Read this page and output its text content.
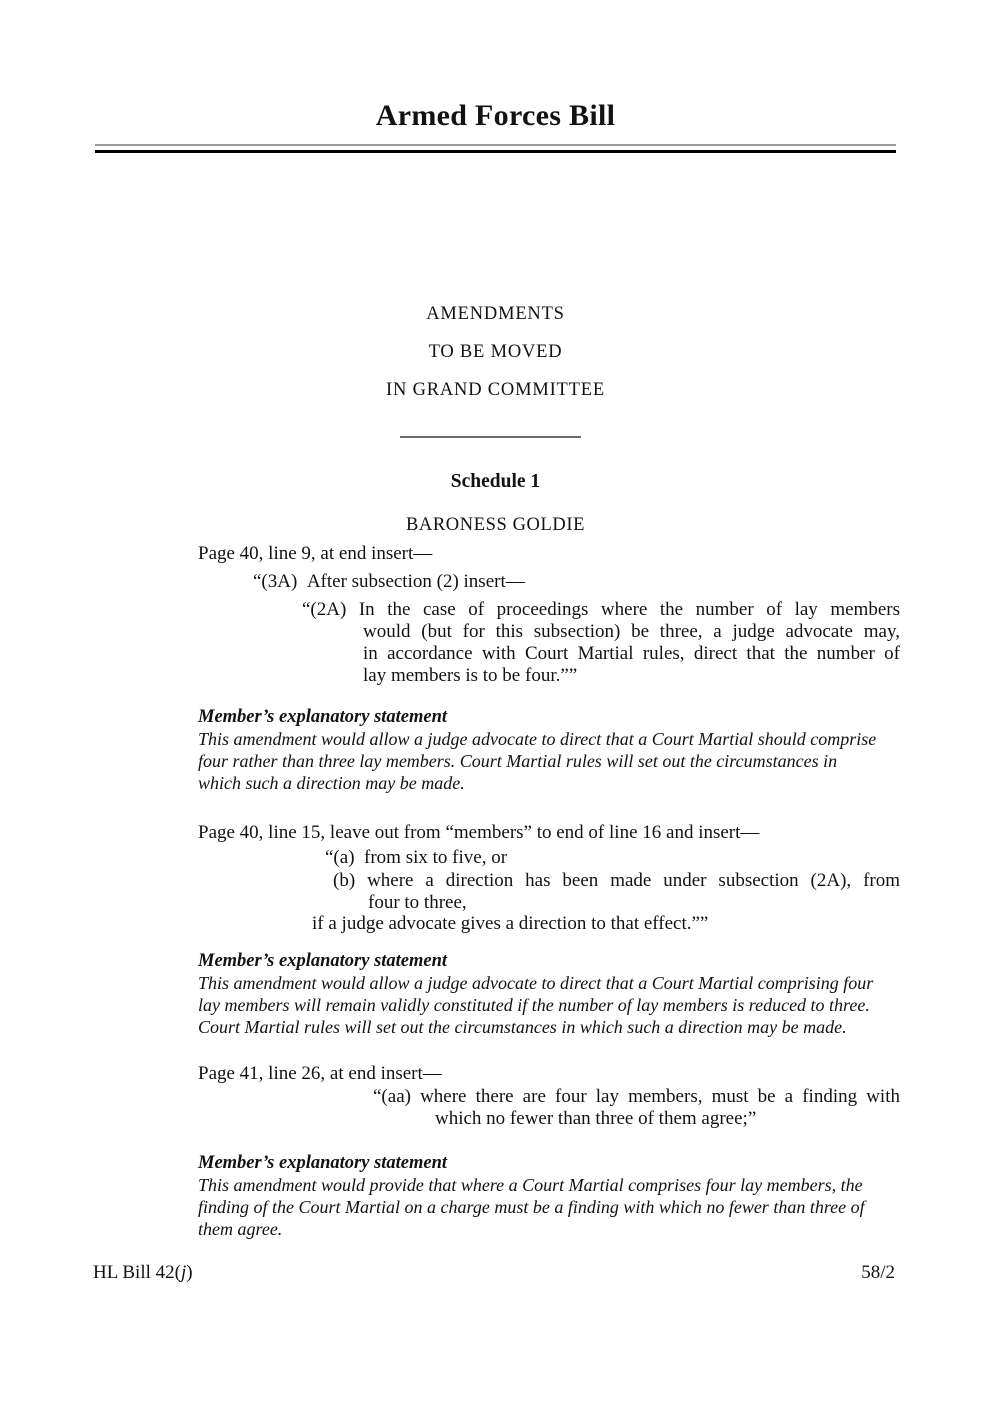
Armed Forces Bill
AMENDMENTS
TO BE MOVED
IN GRAND COMMITTEE
Schedule 1
BARONESS GOLDIE
Page 40, line 9, at end insert—
“(3A) After subsection (2) insert—
“(2A) In the case of proceedings where the number of lay members
would (but for this subsection) be three, a judge advocate may,
in accordance with Court Martial rules, direct that the number of
lay members is to be four.””
Member’s explanatory statement
This amendment would allow a judge advocate to direct that a Court Martial should comprise
four rather than three lay members. Court Martial rules will set out the circumstances in
which such a direction may be made.
Page 40, line 15, leave out from “members” to end of line 16 and insert—
“(a) from six to five, or
(b) where a direction has been made under subsection (2A), from
four to three,
if a judge advocate gives a direction to that effect.””
Member’s explanatory statement
This amendment would allow a judge advocate to direct that a Court Martial comprising four
lay members will remain validly constituted if the number of lay members is reduced to three.
Court Martial rules will set out the circumstances in which such a direction may be made.
Page 41, line 26, at end insert—
“(aa) where there are four lay members, must be a finding with
which no fewer than three of them agree;”
Member’s explanatory statement
This amendment would provide that where a Court Martial comprises four lay members, the
finding of the Court Martial on a charge must be a finding with which no fewer than three of
them agree.
HL Bill 42(j)	58/2
